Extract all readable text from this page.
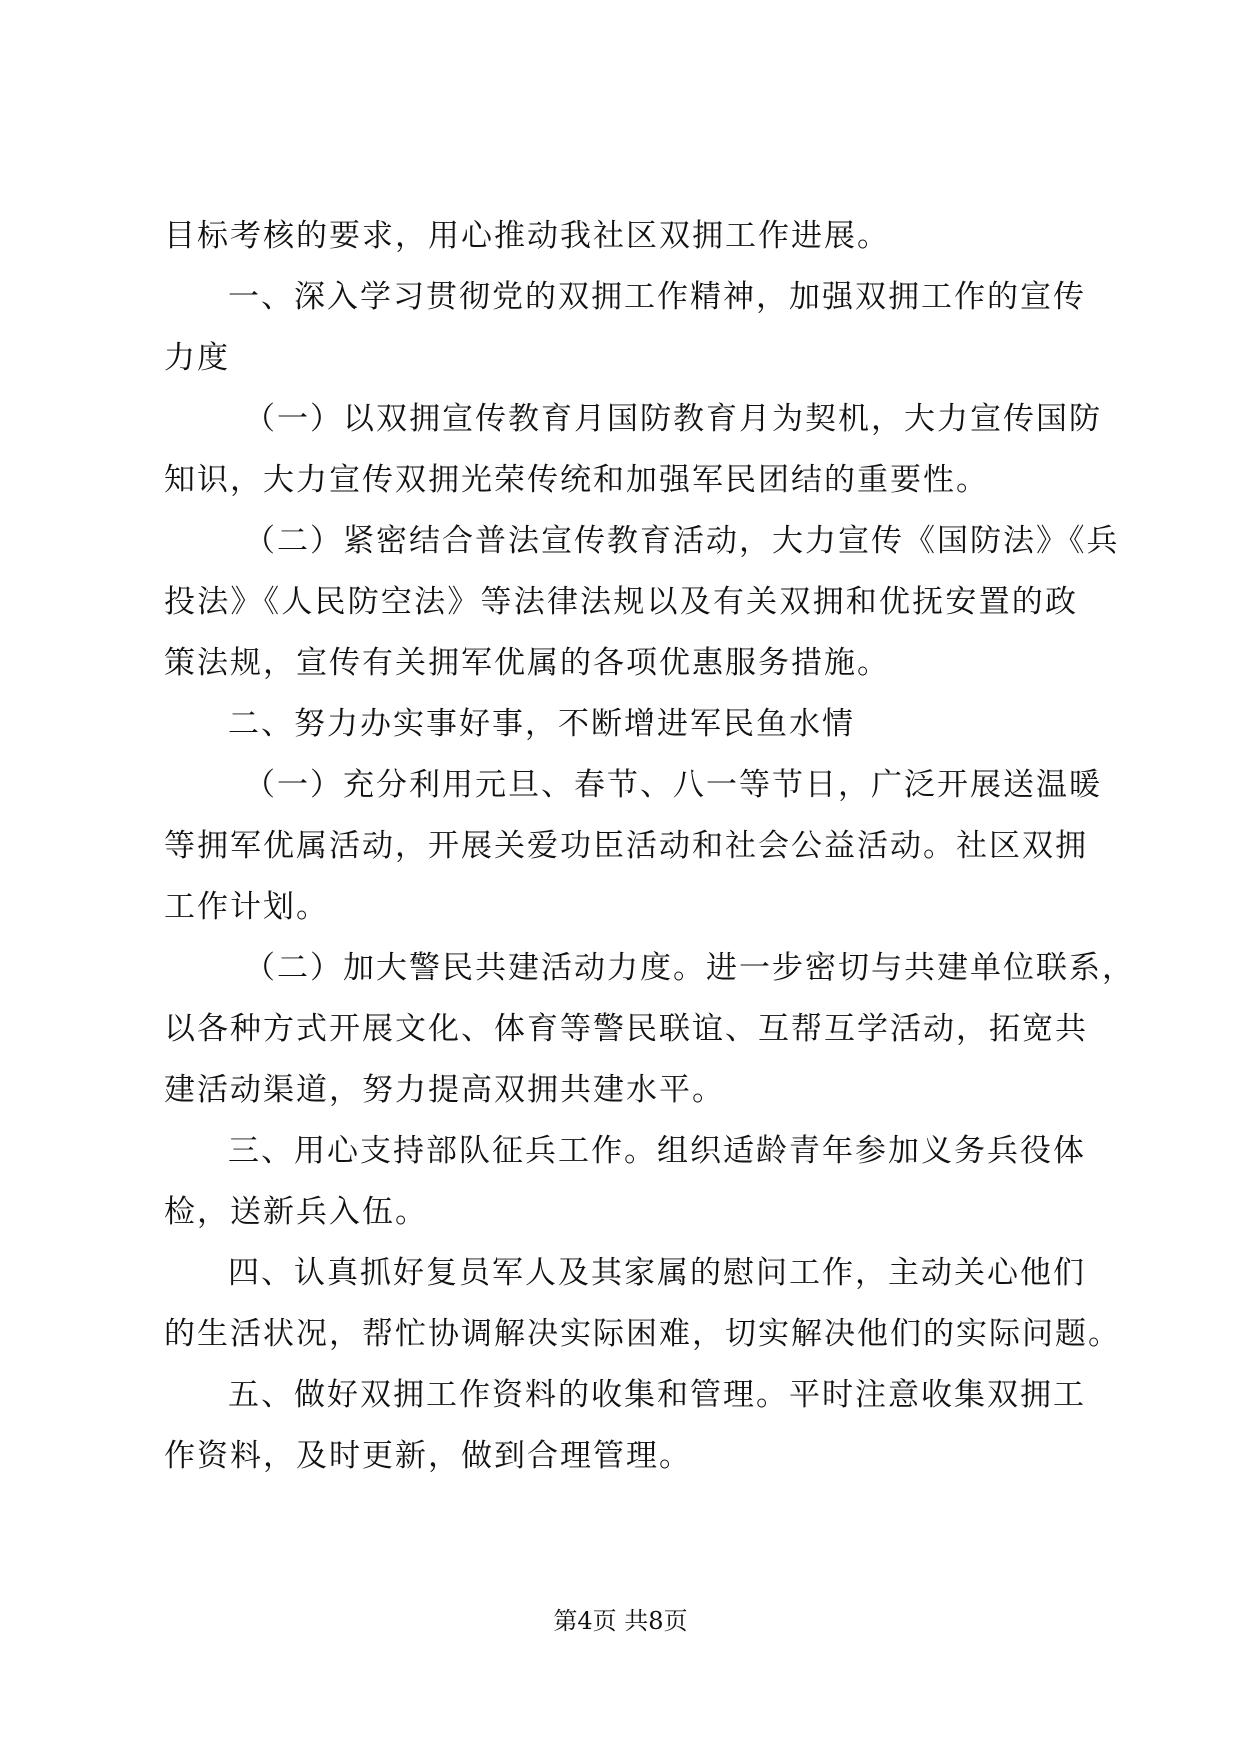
目标考核的要求，用心推动我社区双拥工作进展。
一、深入学习贯彻党的双拥工作精神，加强双拥工作的宣传
力度
（一）以双拥宣传教育月国防教育月为契机，大力宣传国防
知识，大力宣传双拥光荣传统和加强军民团结的重要性。
（二）紧密结合普法宣传教育活动，大力宣传《国防法》《兵
投法》《人民防空法》等法律法规以及有关双拥和优抚安置的政
策法规，宣传有关拥军优属的各项优惠服务措施。
二、努力办实事好事，不断增进军民鱼水情
（一）充分利用元旦、春节、八一等节日，广泛开展送温暖
等拥军优属活动，开展关爱功臣活动和社会公益活动。社区双拥
工作计划。
（二）加大警民共建活动力度。进一步密切与共建单位联系，
以各种方式开展文化、体育等警民联谊、互帮互学活动，拓宽共
建活动渠道，努力提高双拥共建水平。
三、用心支持部队征兵工作。组织适龄青年参加义务兵役体
检，送新兵入伍。
四、认真抓好复员军人及其家属的慰问工作，主动关心他们
的生活状况，帮忙协调解决实际困难，切实解决他们的实际问题。
五、做好双拥工作资料的收集和管理。平时注意收集双拥工
作资料，及时更新，做到合理管理。
第4页 共8页
